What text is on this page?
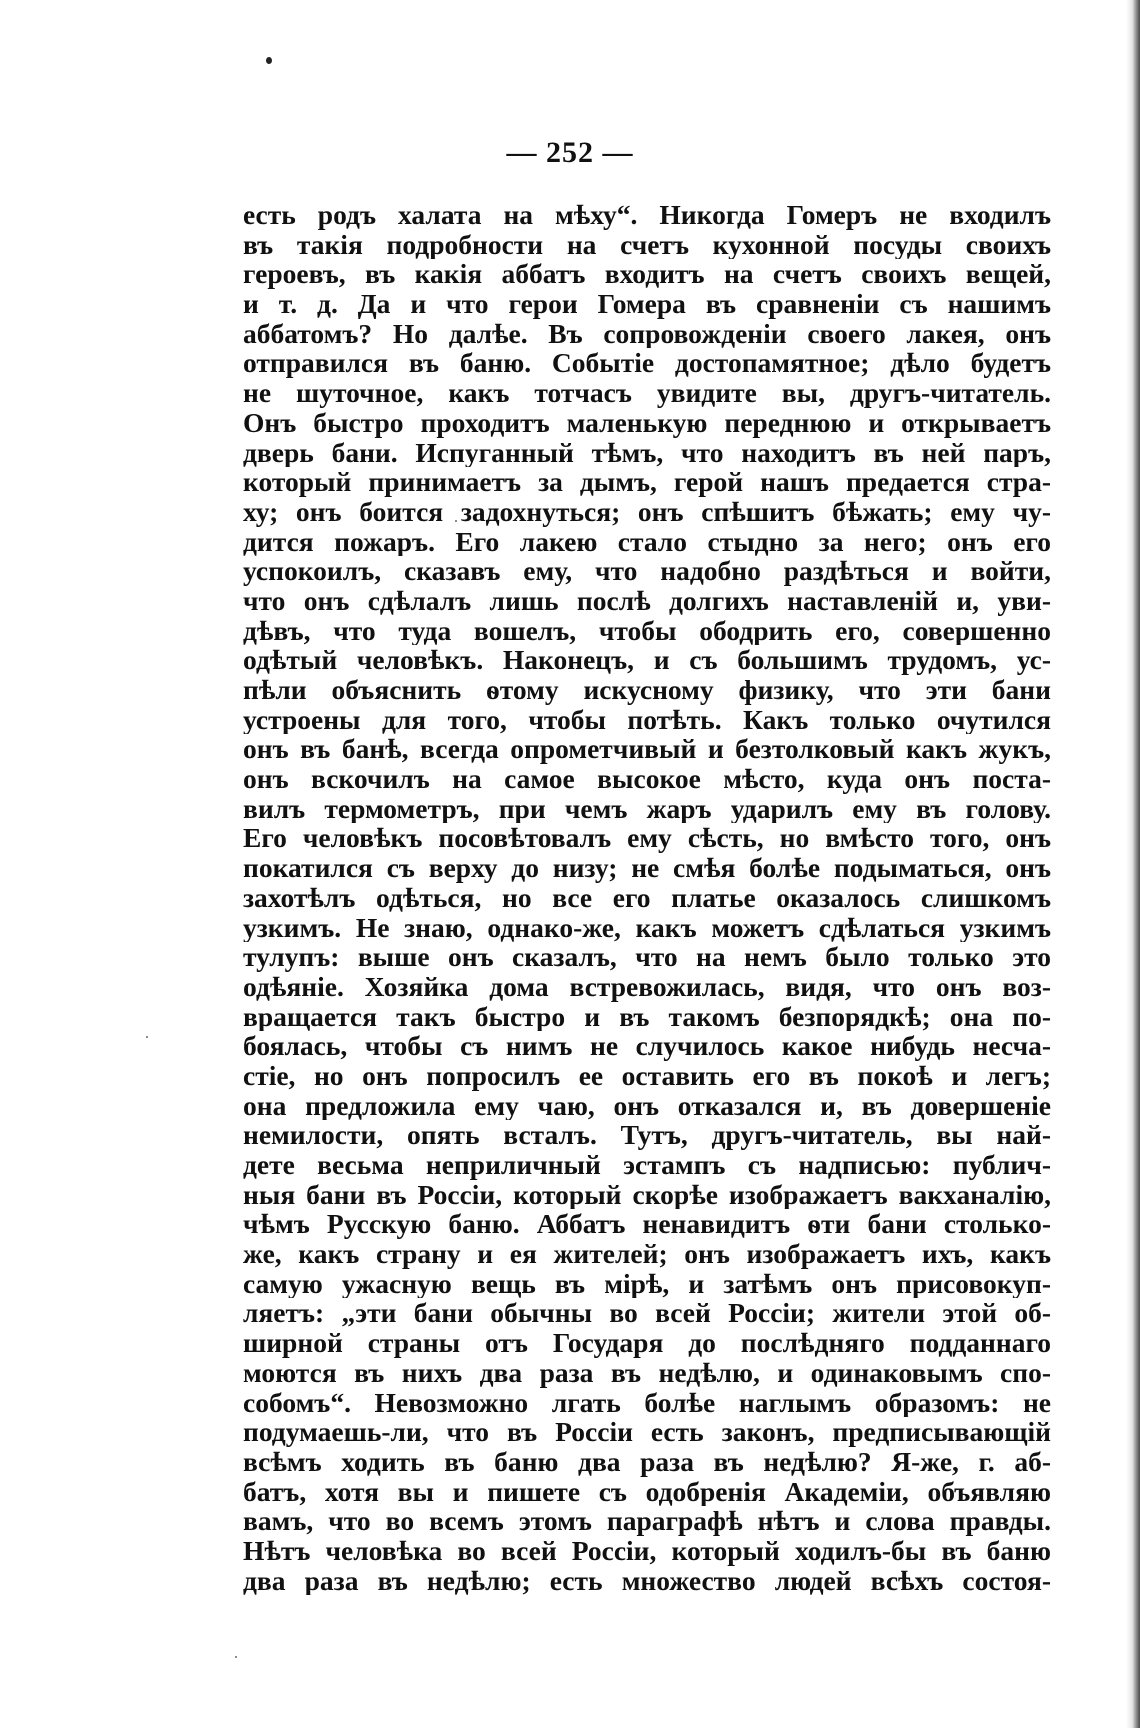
— 252 —
есть родъ халата на мѣху“. Никогда Гомеръ не входилъ
въ такія подробности на счетъ кухонной посуды своихъ
героевъ, въ какія аббатъ входитъ на счетъ своихъ вещей,
и т. д. Да и что герои Гомера въ сравненіи съ нашимъ
аббатомъ? Но далѣе. Въ сопровожденіи своего лакея, онъ
отправился въ баню. Событіе достопамятное; дѣло будетъ
не шуточное, какъ тотчасъ увидите вы, другъ-читатель.
Онъ быстро проходитъ маленькую переднюю и открываетъ
дверь бани. Испуганный тѣмъ, что находитъ въ ней паръ,
который принимаетъ за дымъ, герой нашъ предается стра-
ху; онъ боится задохнуться; онъ спѣшитъ бѣжать; ему чу-
дится пожаръ. Его лакею стало стыдно за него; онъ его
успокоилъ, сказавъ ему, что надобно раздѣться и войти,
что онъ сдѣлалъ лишь послѣ долгихъ наставленій и, уви-
дѣвъ, что туда вошелъ, чтобы ободрить его, совершенно
одѣтый человѣкъ. Наконецъ, и съ большимъ трудомъ, ус-
пѣли объяснить ѳтому искусному физику, что эти бани
устроены для того, чтобы потѣть. Какъ только очутился
онъ въ банѣ, всегда опрометчивый и безтолковый какъ жукъ,
онъ вскочилъ на самое высокое мѣсто, куда онъ поста-
вилъ термометръ, при чемъ жаръ ударилъ ему въ голову.
Его человѣкъ посовѣтовалъ ему сѣсть, но вмѣсто того, онъ
покатился съ верху до низу; не смѣя болѣе подыматься, онъ
захотѣлъ одѣться, но все его платье оказалось слишкомъ
узкимъ. Не знаю, однако-же, какъ можетъ сдѣлаться узкимъ
тулупъ: выше онъ сказалъ, что на немъ было только это
одѣяніе. Хозяйка дома встревожилась, видя, что онъ воз-
вращается такъ быстро и въ такомъ безпорядкѣ; она по-
боялась, чтобы съ нимъ не случилось какое нибудь несча-
стіе, но онъ попросилъ ее оставить его въ покоѣ и легъ;
она предложила ему чаю, онъ отказался и, въ довершеніе
немилости, опять всталъ. Тутъ, другъ-читатель, вы най-
дете весьма неприличный эстампъ съ надписью: публич-
ныя бани въ Россіи, который скорѣе изображаетъ вакханалію,
чѣмъ Русскую баню. Аббатъ ненавидитъ ѳти бани столько-
же, какъ страну и ея жителей; онъ изображаетъ ихъ, какъ
самую ужасную вещь въ мірѣ, и затѣмъ онъ присовокуп-
ляетъ: „эти бани обычны во всей Россіи; жители этой об-
ширной страны отъ Государя до послѣдняго подданнаго
моются въ нихъ два раза въ недѣлю, и одинаковымъ спо-
собомъ“. Невозможно лгать болѣе наглымъ образомъ: не
подумаешь-ли, что въ Россіи есть законъ, предписывающій
всѣмъ ходить въ баню два раза въ недѣлю? Я-же, г. аб-
батъ, хотя вы и пишете съ одобренія Академіи, объявляю
вамъ, что во всемъ этомъ параграфѣ нѣтъ и слова правды.
Нѣтъ человѣка во всей Россіи, который ходилъ-бы въ баню
два раза въ недѣлю; есть множество людей всѣхъ состоя-
